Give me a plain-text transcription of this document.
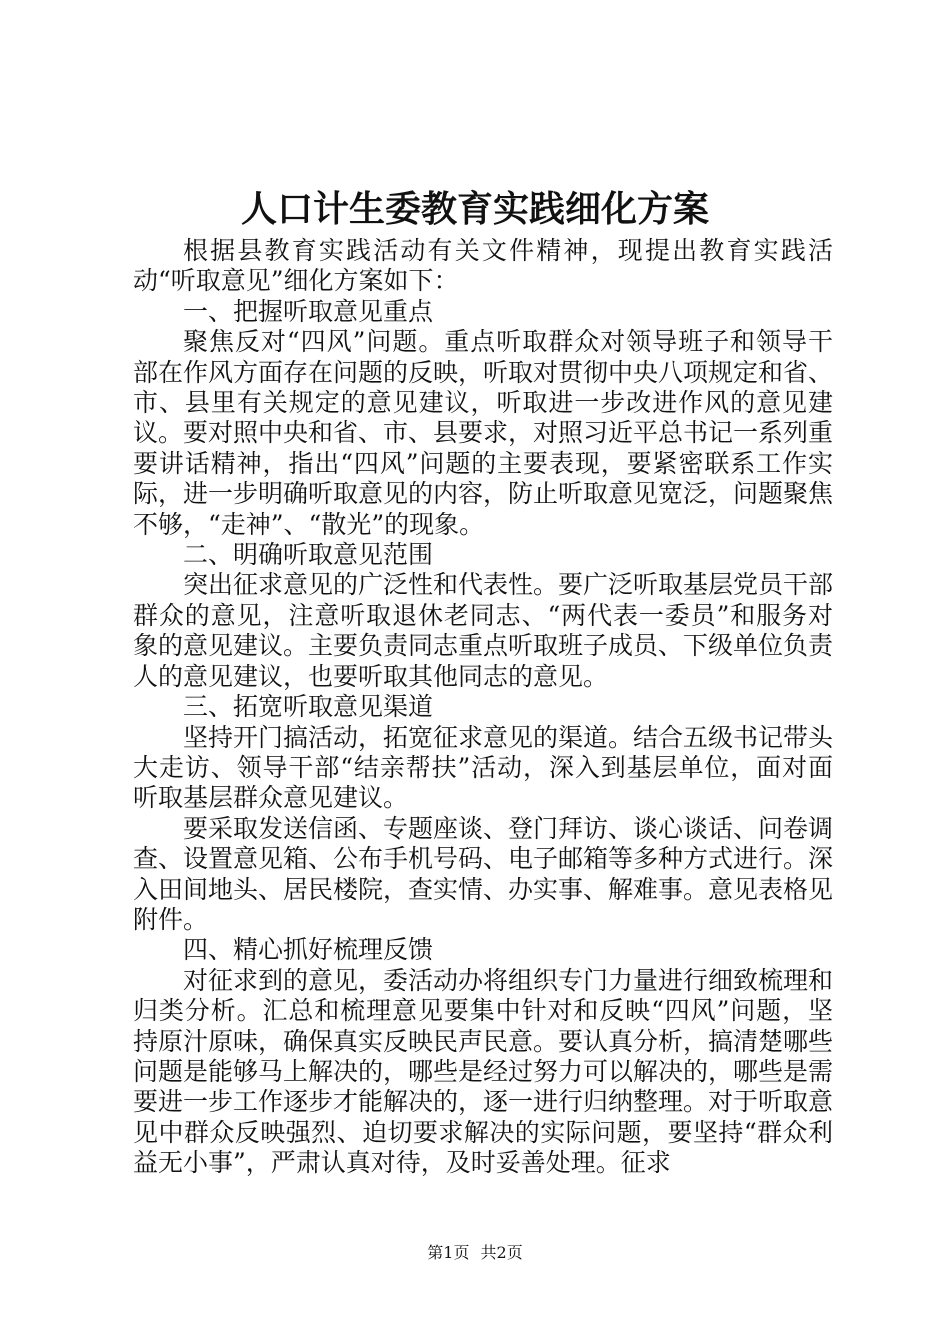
人口计生委教育实践细化方案

根据县教育实践活动有关文件精神，现提出教育实践活动“听取意见”细化方案如下：

一、把握听取意见重点

聚焦反对“四风”问题。重点听取群众对领导班子和领导干部在作风方面存在问题的反映，听取对贯彻中央八项规定和省、市、县里有关规定的意见建议，听取进一步改进作风的意见建议。要对照中央和省、市、县要求，对照习近平总书记一系列重要讲话精神，指出“四风”问题的主要表现，要紧密联系工作实际，进一步明确听取意见的内容，防止听取意见宽泛，问题聚焦不够，“走神”、“散光”的现象。

二、明确听取意见范围

突出征求意见的广泛性和代表性。要广泛听取基层党员干部群众的意见，注意听取退休老同志、“两代表一委员”和服务对象的意见建议。主要负责同志重点听取班子成员、下级单位负责人的意见建议，也要听取其他同志的意见。

三、拓宽听取意见渠道

坚持开门搞活动，拓宽征求意见的渠道。结合五级书记带头大走访、领导干部“结亲帮扶”活动，深入到基层单位，面对面听取基层群众意见建议。

要采取发送信函、专题座谈、登门拜访、谈心谈话、问卷调查、设置意见箱、公布手机号码、电子邮箱等多种方式进行。深入田间地头、居民楼院，查实情、办实事、解难事。意见表格见附件。

四、精心抓好梳理反馈

对征求到的意见，委活动办将组织专门力量进行细致梳理和归类分析。汇总和梳理意见要集中针对和反映“四风”问题，坚持原汁原味，确保真实反映民声民意。要认真分析，搞清楚哪些问题是能够马上解决的，哪些是经过努力可以解决的，哪些是需要进一步工作逐步才能解决的，逐一进行归纳整理。对于听取意见中群众反映强烈、迫切要求解决的实际问题，要坚持“群众利益无小事”，严肃认真对待，及时妥善处理。征求

第1页 共2页
